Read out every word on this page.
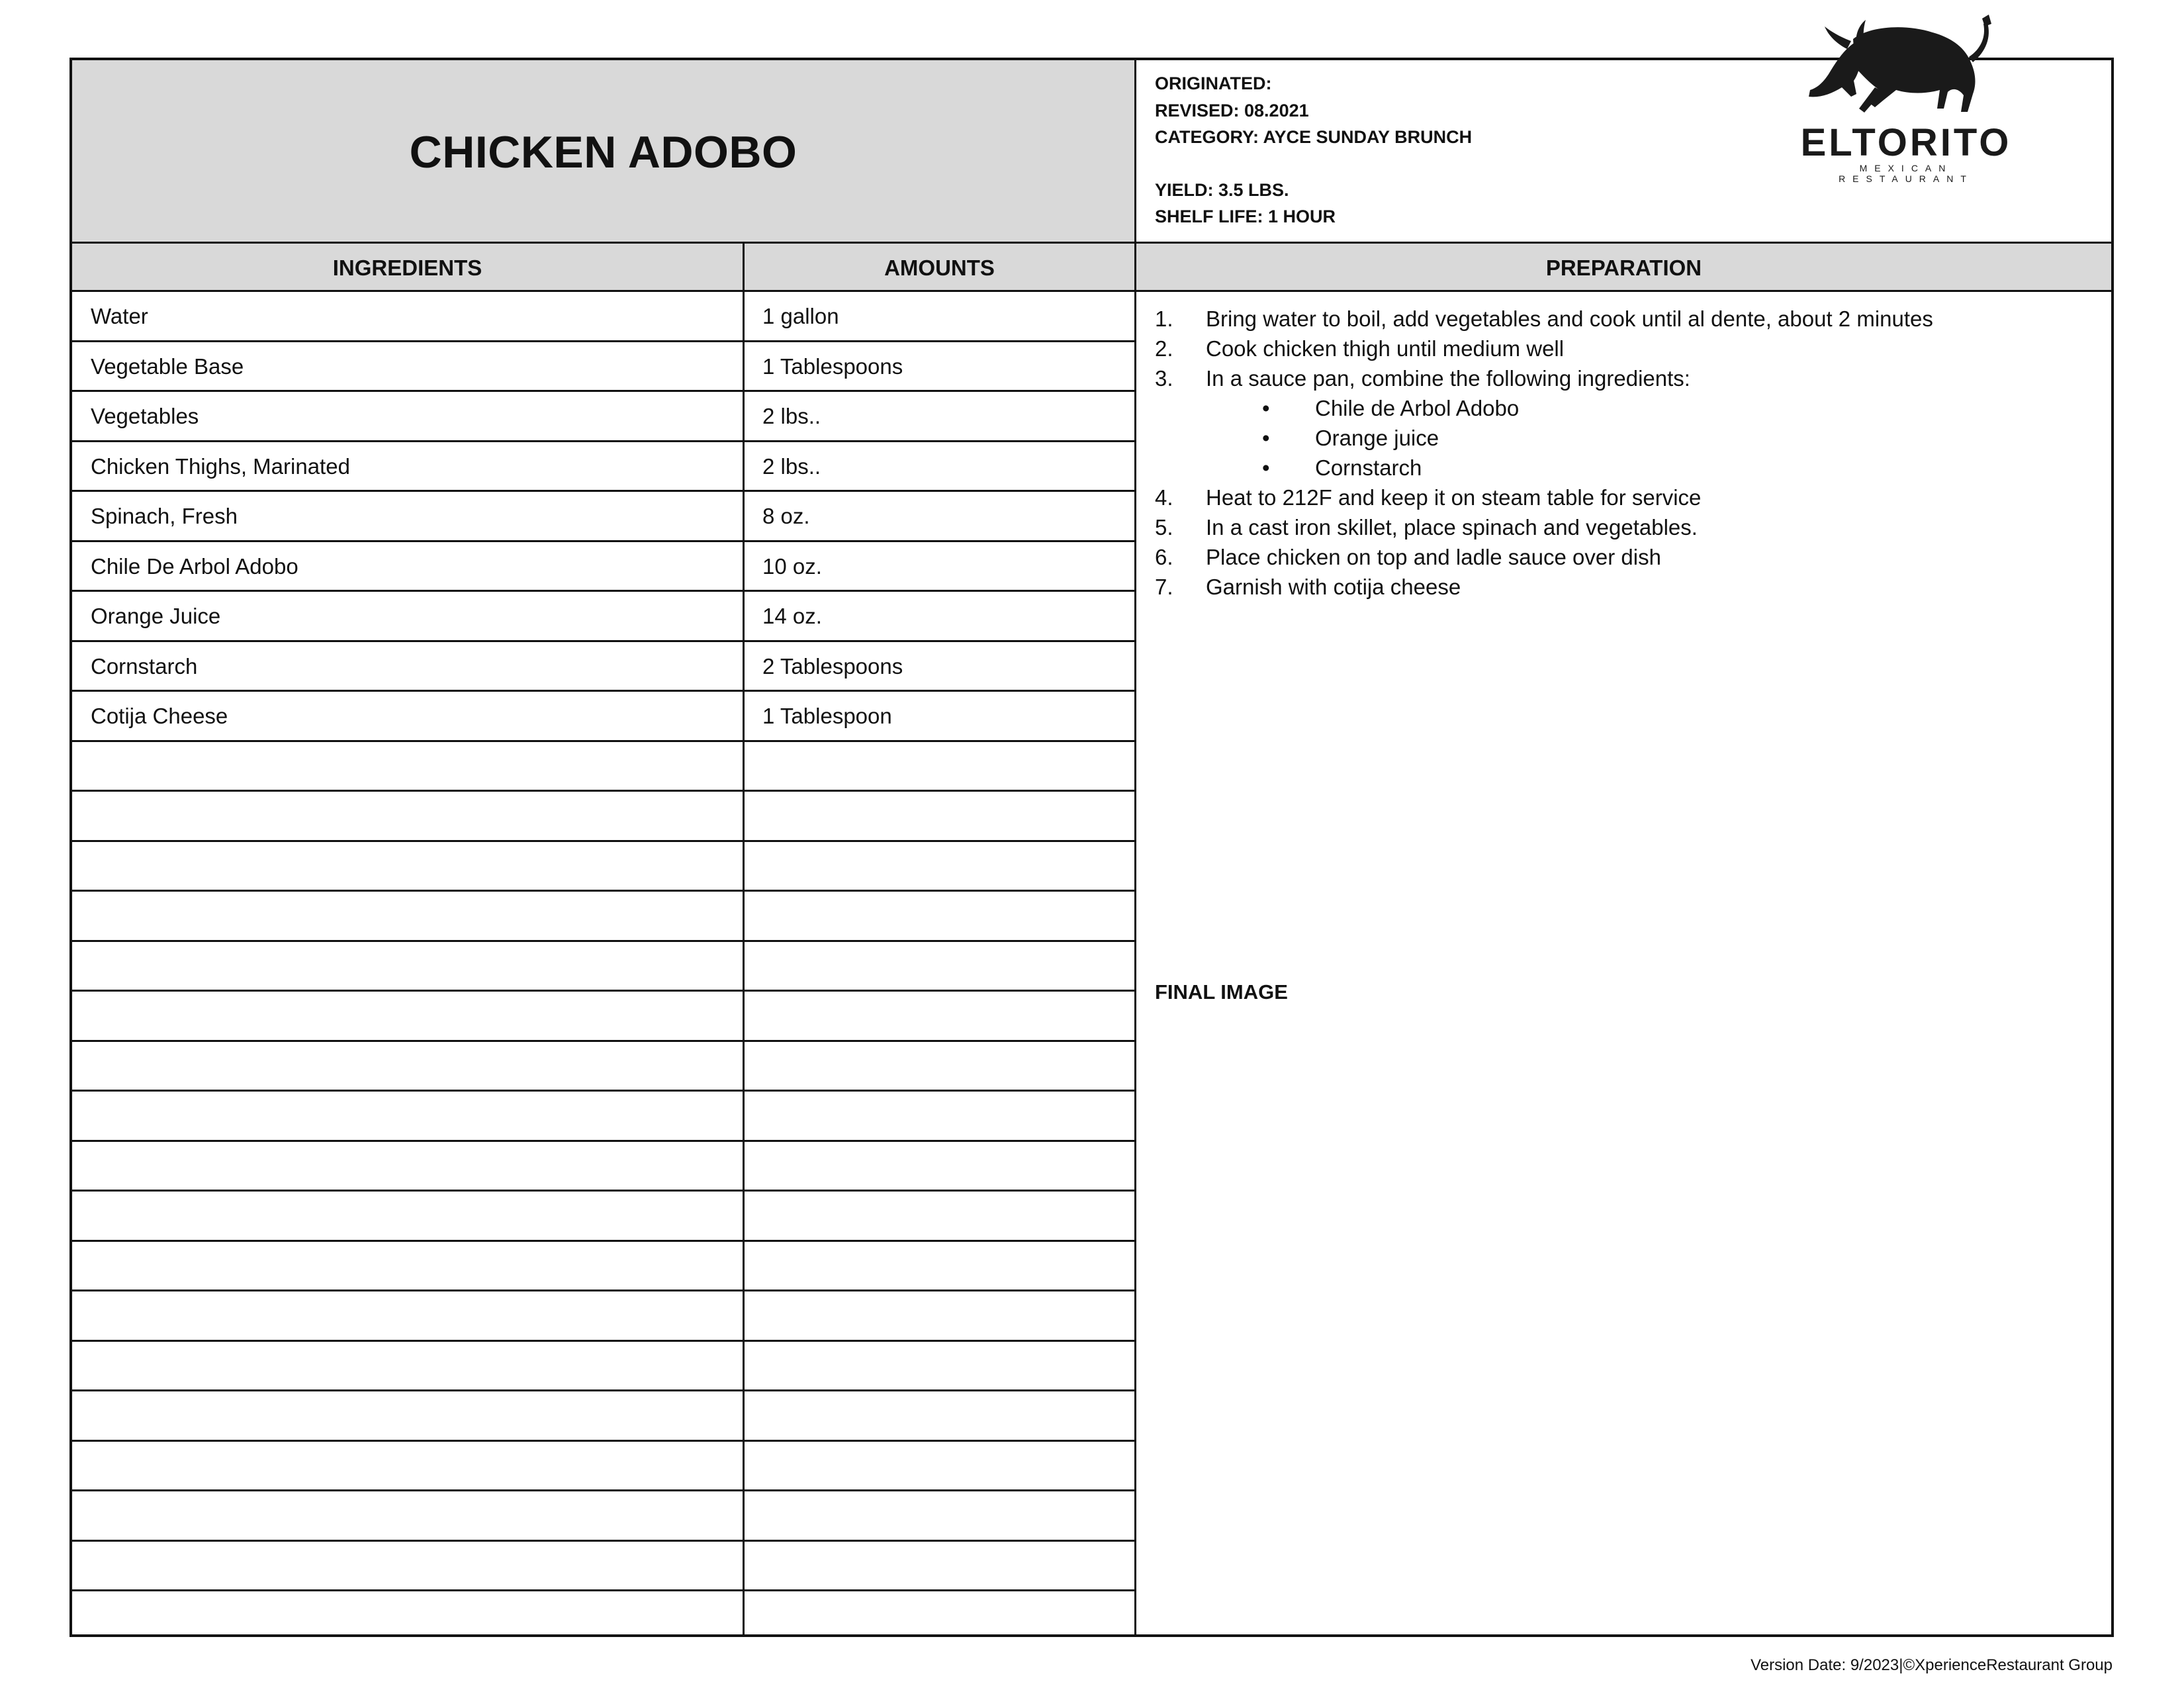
CHICKEN ADOBO
ORIGINATED:
REVISED: 08.2021
CATEGORY: AYCE SUNDAY BRUNCH
YIELD: 3.5 LBS.
SHELF LIFE: 1 HOUR
INGREDIENTS	AMOUNTS	PREPARATION
Water	1 gallon
Vegetable Base	1 Tablespoons
Vegetables	2 lbs..
Chicken Thighs, Marinated	2 lbs..
Spinach, Fresh	8 oz.
Chile De Arbol Adobo	10 oz.
Orange Juice	14 oz.
Cornstarch	2 Tablespoons
Cotija Cheese	1 Tablespoon
1. Bring water to boil, add vegetables and cook until al dente, about 2 minutes
2. Cook chicken thigh until medium well
3. In a sauce pan, combine the following ingredients:
• Chile de Arbol Adobo
• Orange juice
• Cornstarch
4. Heat to 212F and keep it on steam table for service
5. In a cast iron skillet, place spinach and vegetables.
6. Place chicken on top and ladle sauce over dish
7. Garnish with cotija cheese
FINAL IMAGE
ELTORITO
MEXICAN RESTAURANT
Version Date: 9/2023|©XperienceRestaurant Group
